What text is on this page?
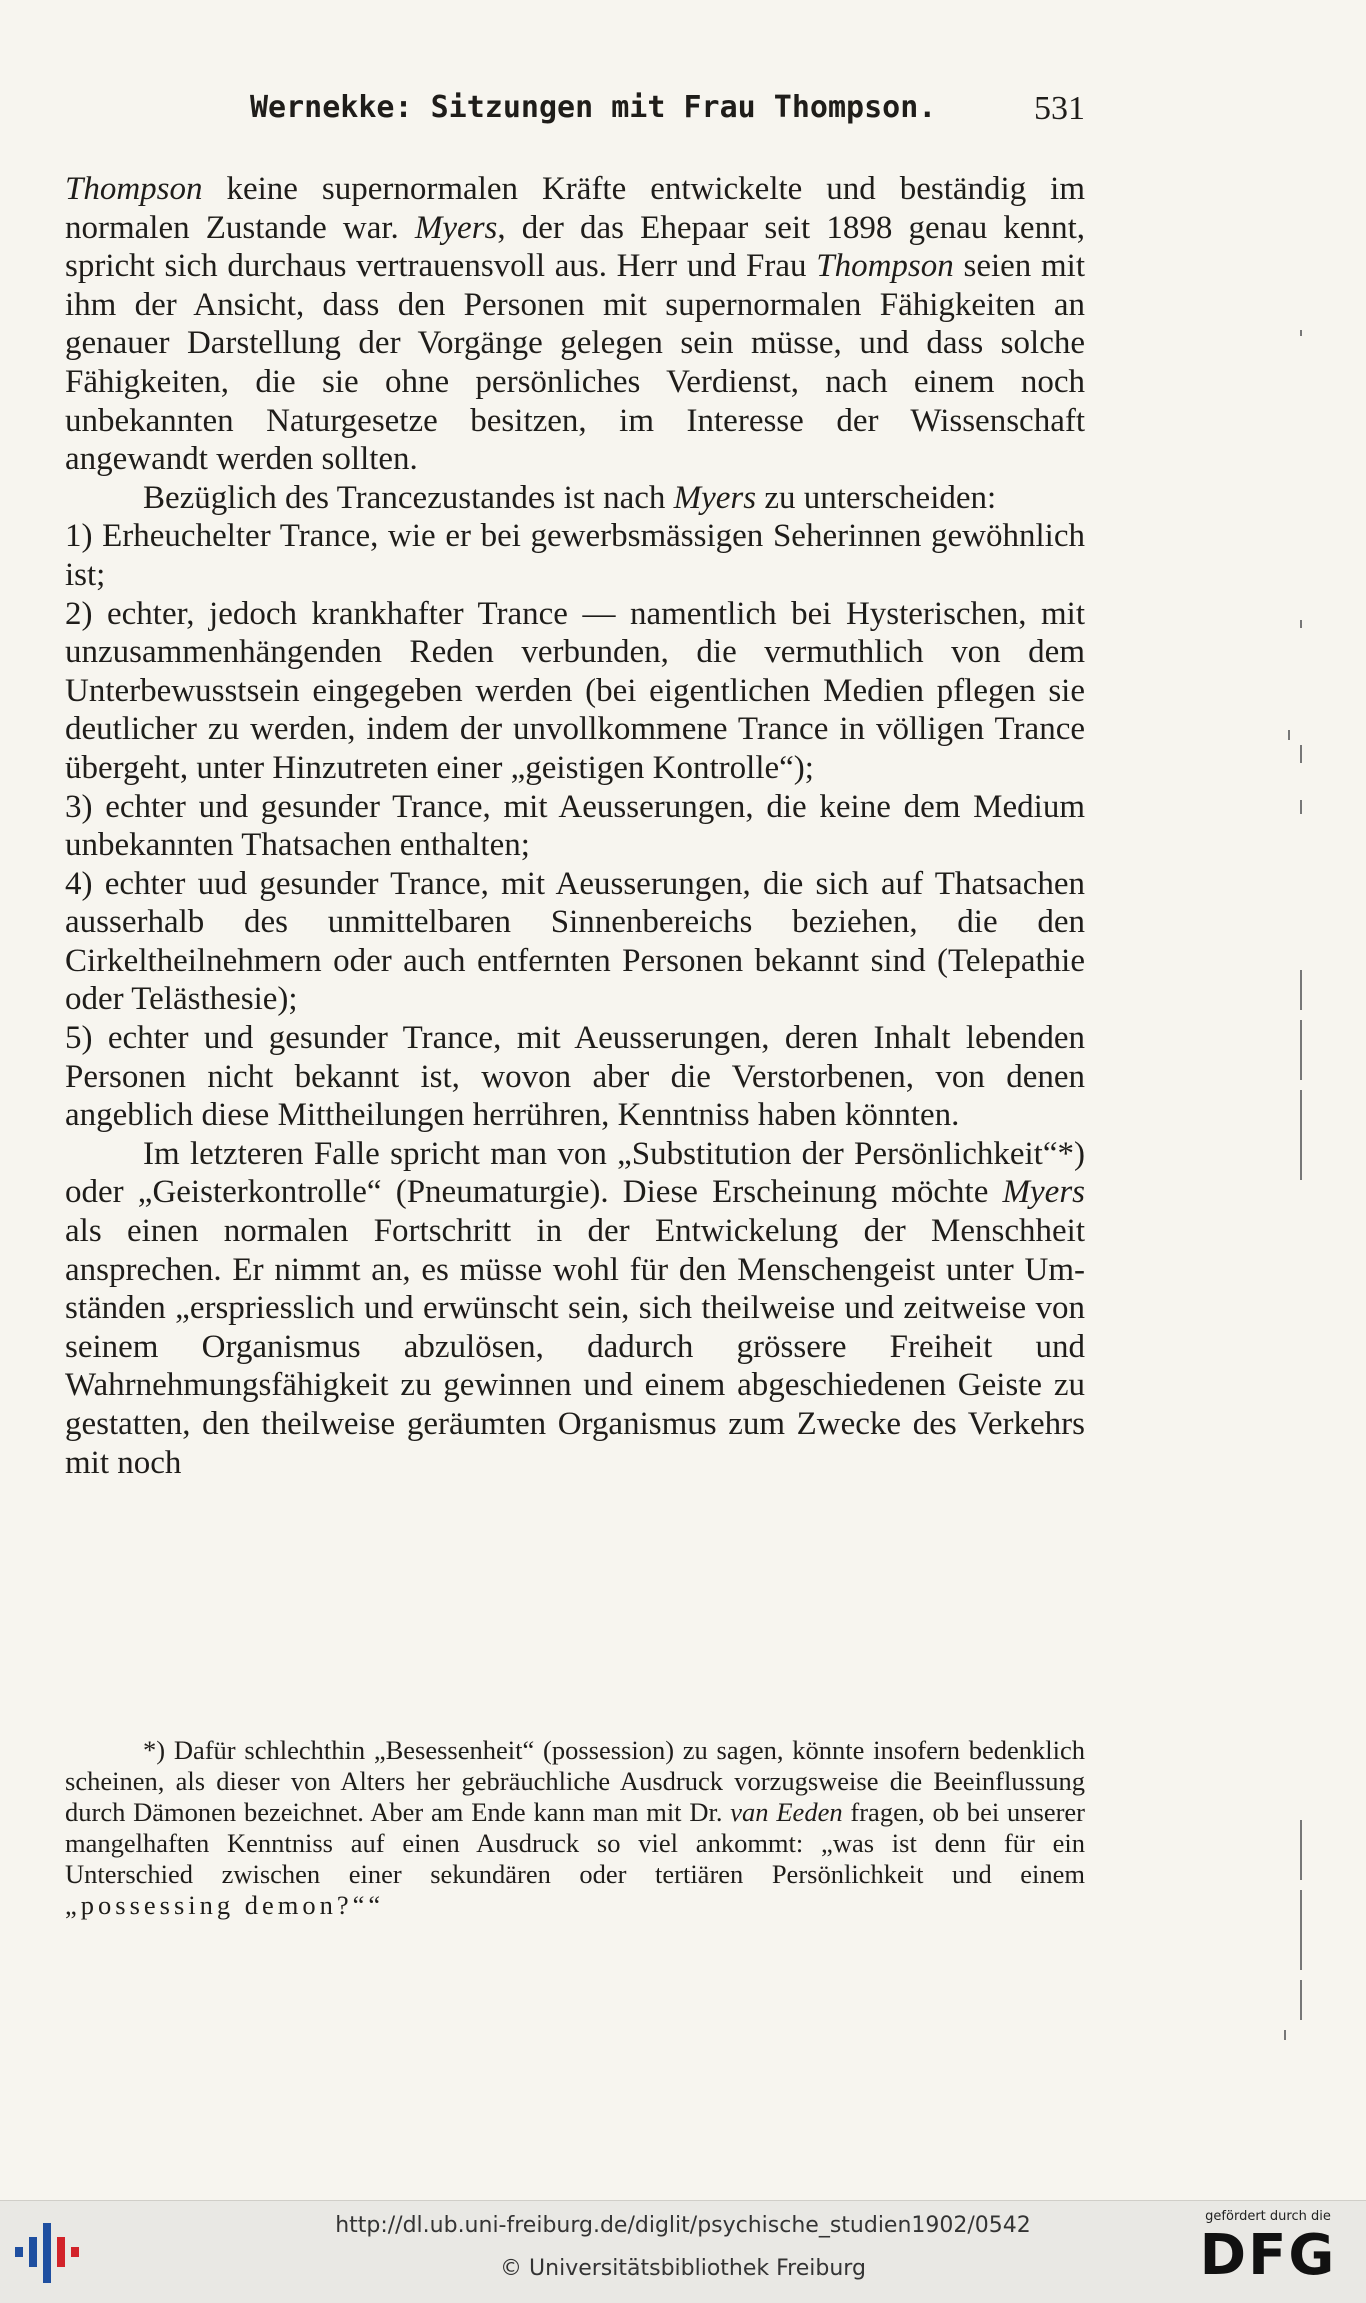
Wernekke: Sitzungen mit Frau Thompson.	531

Thompson keine supernormalen Kräfte entwickelte und beständig im normalen Zustande war. Myers, der das Ehepaar seit 1898 genau kennt, spricht sich durchaus vertrauensvoll aus. Herr und Frau Thompson seien mit ihm der Ansicht, dass den Personen mit supernormalen Fähigkeiten an genauer Darstellung der Vorgänge gelegen sein müsse, und dass solche Fähigkeiten, die sie ohne persönliches Verdienst, nach einem noch unbekannten Naturgesetze besitzen, im Interesse der Wissenschaft angewandt werden sollten.

Bezüglich des Trancezustandes ist nach Myers zu unterscheiden:

1) Erheuchelter Trance, wie er bei gewerbsmässigen Seherinnen gewöhnlich ist;

2) echter, jedoch krankhafter Trance — namentlich bei Hysterischen, mit unzusammenhängenden Reden verbunden, die vermuthlich von dem Unterbewusstsein eingegeben werden (bei eigentlichen Medien pflegen sie deutlicher zu werden, indem der unvollkommene Trance in völligen Trance übergeht, unter Hinzutreten einer „geistigen Kontrolle“);

3) echter und gesunder Trance, mit Aeusserungen, die keine dem Medium unbekannten Thatsachen enthalten;

4) echter uud gesunder Trance, mit Aeusserungen, die sich auf Thatsachen ausserhalb des unmittelbaren Sinnenbereichs beziehen, die den Cirkeltheilnehmern oder auch entfernten Personen bekannt sind (Telepathie oder Telästhesie);

5) echter und gesunder Trance, mit Aeusserungen, deren Inhalt lebenden Personen nicht bekannt ist, wovon aber die Verstorbenen, von denen angeblich diese Mittheilungen herrühren, Kenntniss haben könnten.

Im letzteren Falle spricht man von „Substitution der Persönlichkeit“*) oder „Geisterkontrolle“ (Pneumaturgie). Diese Erscheinung möchte Myers als einen normalen Fortschritt in der Entwickelung der Menschheit ansprechen. Er nimmt an, es müsse wohl für den Menschengeist unter Umständen „erspriesslich und erwünscht sein, sich theilweise und zeitweise von seinem Organismus abzulösen, dadurch grössere Freiheit und Wahrnehmungsfähigkeit zu gewinnen und einem abgeschiedenen Geiste zu gestatten, den theilweise geräumten Organismus zum Zwecke des Verkehrs mit noch

*) Dafür schlechthin „Besessenheit“ (possession) zu sagen, könnte insofern bedenklich scheinen, als dieser von Alters her gebräuchliche Ausdruck vorzugsweise die Beeinflussung durch Dämonen bezeichnet. Aber am Ende kann man mit Dr. van Eeden fragen, ob bei unserer mangelhaften Kenntniss auf einen Ausdruck so viel ankommt: „was ist denn für ein Unterschied zwischen einer sekundären oder tertiären Persönlichkeit und einem „possessing demon?““

http://dl.ub.uni-freiburg.de/diglit/psychische_studien1902/0542
© Universitätsbibliothek Freiburg
gefördert durch die
DFG
